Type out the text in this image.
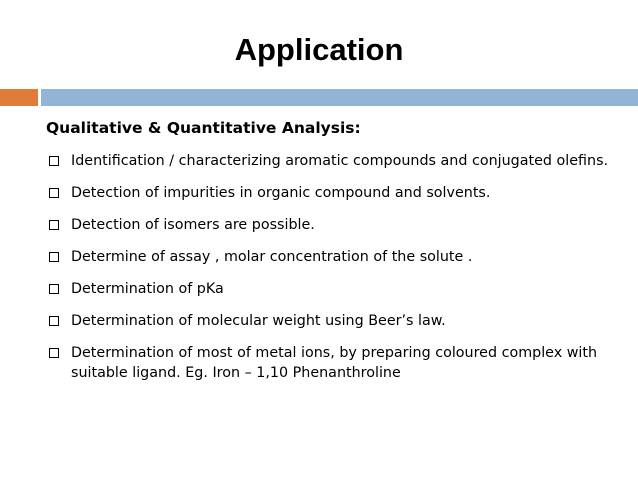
Application
Qualitative & Quantitative Analysis:
Identification / characterizing aromatic compounds and conjugated olefins.
Detection of impurities in organic compound and solvents.
Detection of isomers are possible.
Determine of assay , molar concentration of the solute .
Determination of pKa
Determination of molecular weight using Beer’s law.
Determination of most of metal ions, by preparing coloured complex with suitable ligand. Eg. Iron – 1,10 Phenanthroline
